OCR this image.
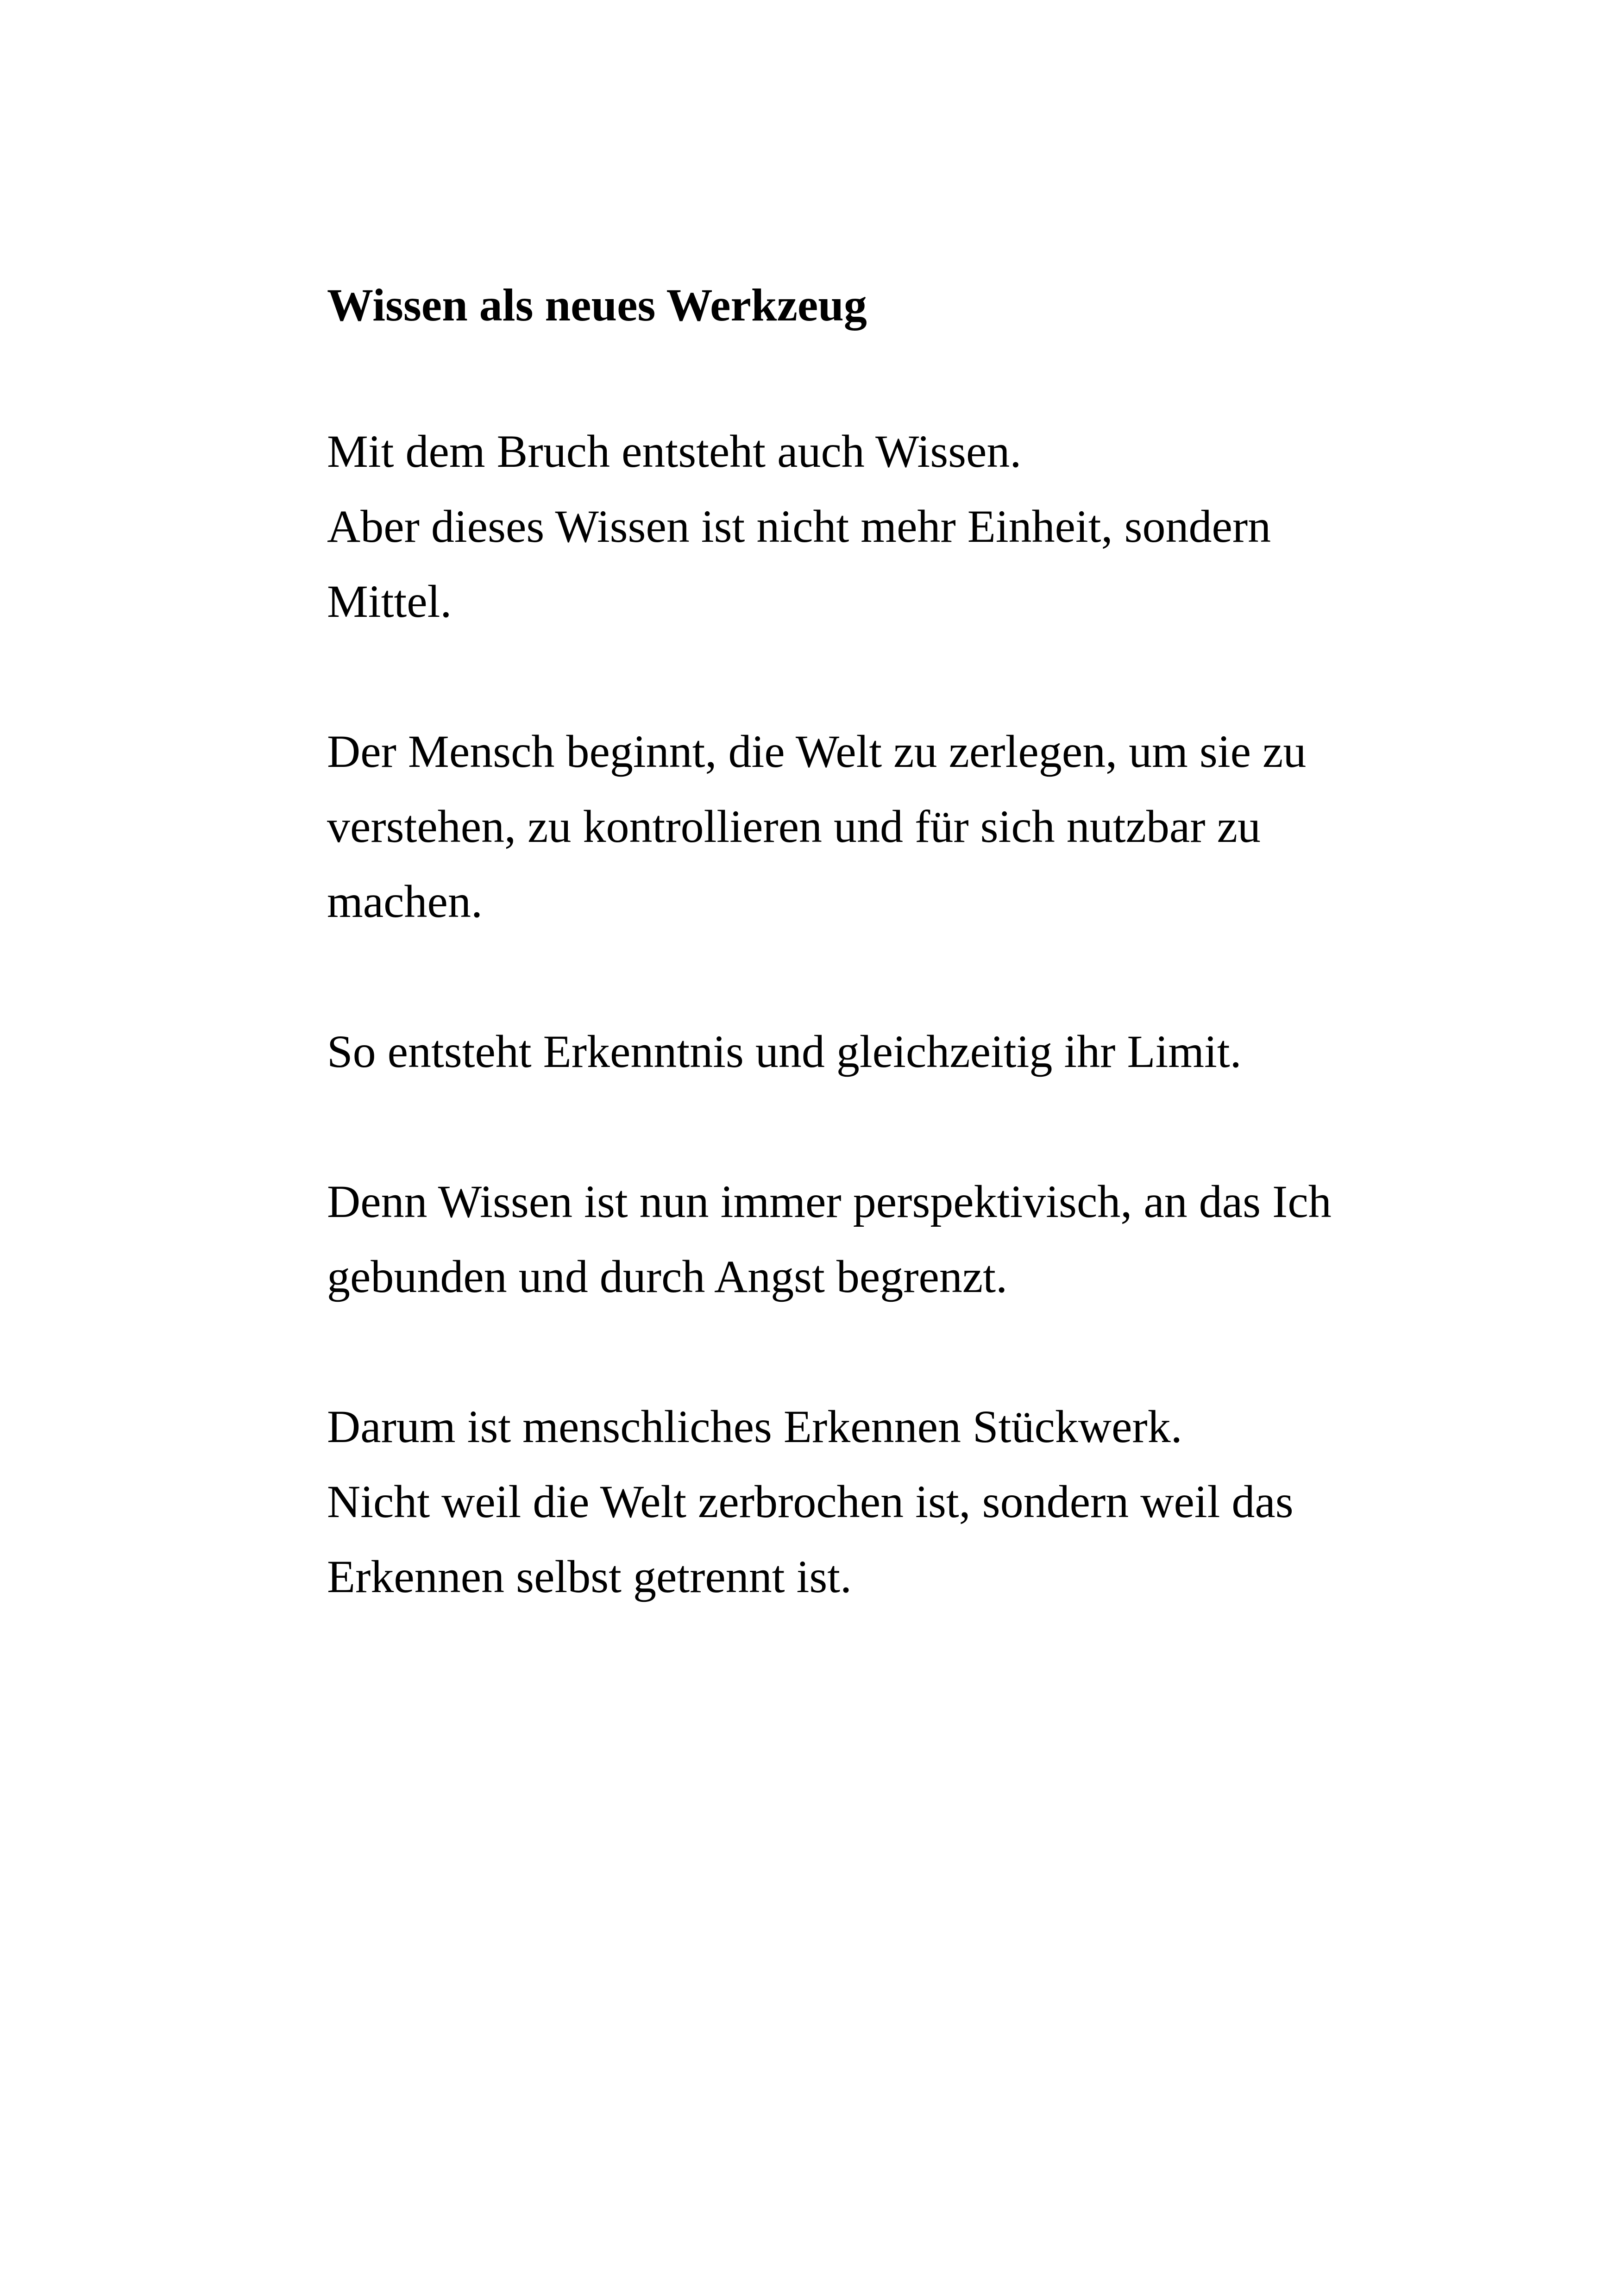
Wissen als neues Werkzeug
Mit dem Bruch entsteht auch Wissen.
Aber dieses Wissen ist nicht mehr Einheit, sondern
Mittel.
Der Mensch beginnt, die Welt zu zerlegen, um sie zu
verstehen, zu kontrollieren und für sich nutzbar zu
machen.
So entsteht Erkenntnis und gleichzeitig ihr Limit.
Denn Wissen ist nun immer perspektivisch, an das Ich
gebunden und durch Angst begrenzt.
Darum ist menschliches Erkennen Stückwerk.
Nicht weil die Welt zerbrochen ist, sondern weil das
Erkennen selbst getrennt ist.
